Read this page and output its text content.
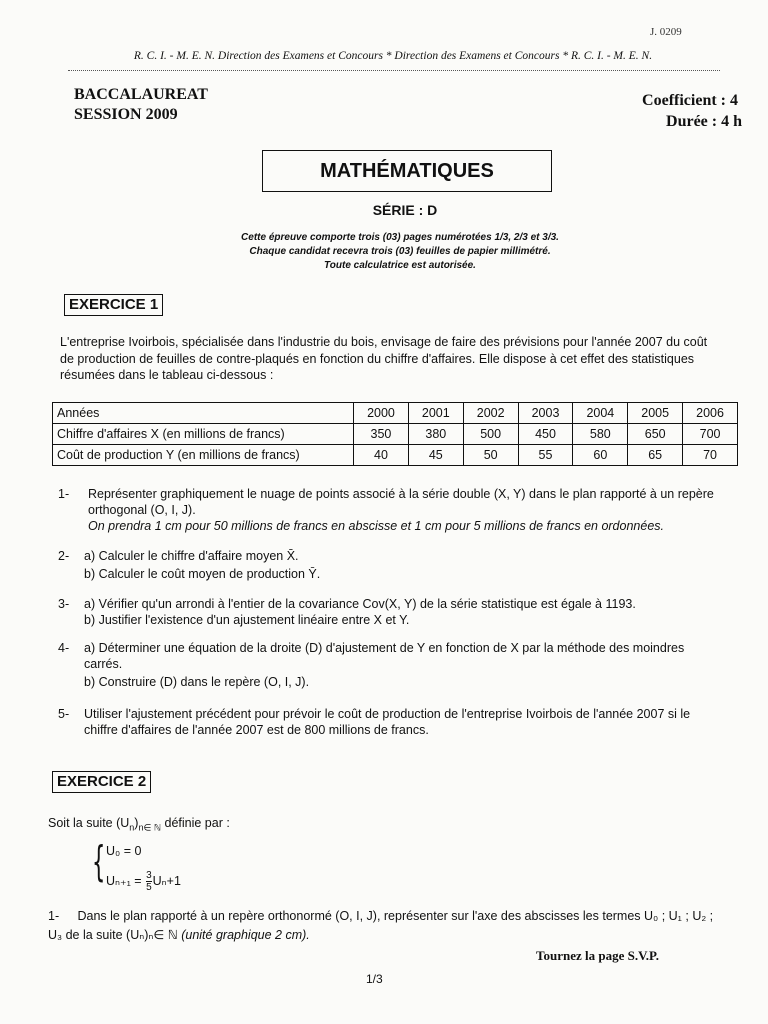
J. 0209
R. C. I. - M. E. N. Direction des Examens et Concours * Direction des Examens et Concours * R. C. I. - M. E. N.
BACCALAUREAT
SESSION 2009
Coefficient : 4
Durée : 4 h
MATHÉMATIQUES
SÉRIE : D
Cette épreuve comporte trois (03) pages numérotées 1/3, 2/3 et 3/3.
Chaque candidat recevra trois (03) feuilles de papier millimétré.
Toute calculatrice est autorisée.
EXERCICE 1
L'entreprise Ivoirbois, spécialisée dans l'industrie du bois, envisage de faire des prévisions pour l'année 2007 du coût de production de feuilles de contre-plaqués en fonction du chiffre d'affaires. Elle dispose à cet effet des statistiques résumées dans le tableau ci-dessous :
Années	2000	2001	2002	2003	2004	2005	2006
Chiffre d'affaires X (en millions de francs)	350	380	500	450	580	650	700
Coût de production Y (en millions de francs)	40	45	50	55	60	65	70
1- Représenter graphiquement le nuage de points associé à la série double (X, Y) dans le plan rapporté à un repère orthogonal (O, I, J).
On prendra 1 cm pour 50 millions de francs en abscisse et 1 cm pour 5 millions de francs en ordonnées.
2- a) Calculer le chiffre d'affaire moyen X̄.
b) Calculer le coût moyen de production Ȳ.
3- a) Vérifier qu'un arrondi à l'entier de la covariance Cov(X, Y) de la série statistique est égale à 1193.
b) Justifier l'existence d'un ajustement linéaire entre X et Y.
4- a) Déterminer une équation de la droite (D) d'ajustement de Y en fonction de X par la méthode des moindres carrés.
b) Construire (D) dans le repère (O, I, J).
5- Utiliser l'ajustement précédent pour prévoir le coût de production de l'entreprise Ivoirbois de l'année 2007 si le chiffre d'affaires de l'année 2007 est de 800 millions de francs.
EXERCICE 2
Soit la suite $(U_n)_{n\in ℕ}$ définie par :
{ U₀ = 0
$U_{n+1} = \frac{3}{5} U_n+1$
1- Dans le plan rapporté à un repère orthonormé (O, I, J), représenter sur l'axe des abscisses les termes U₀ ; U₁ ; U₂ ; U₃ de la suite (Uₙ)ₙ∈ ℕ (unité graphique 2 cm).
Tournez la page S.V.P.
1/3
